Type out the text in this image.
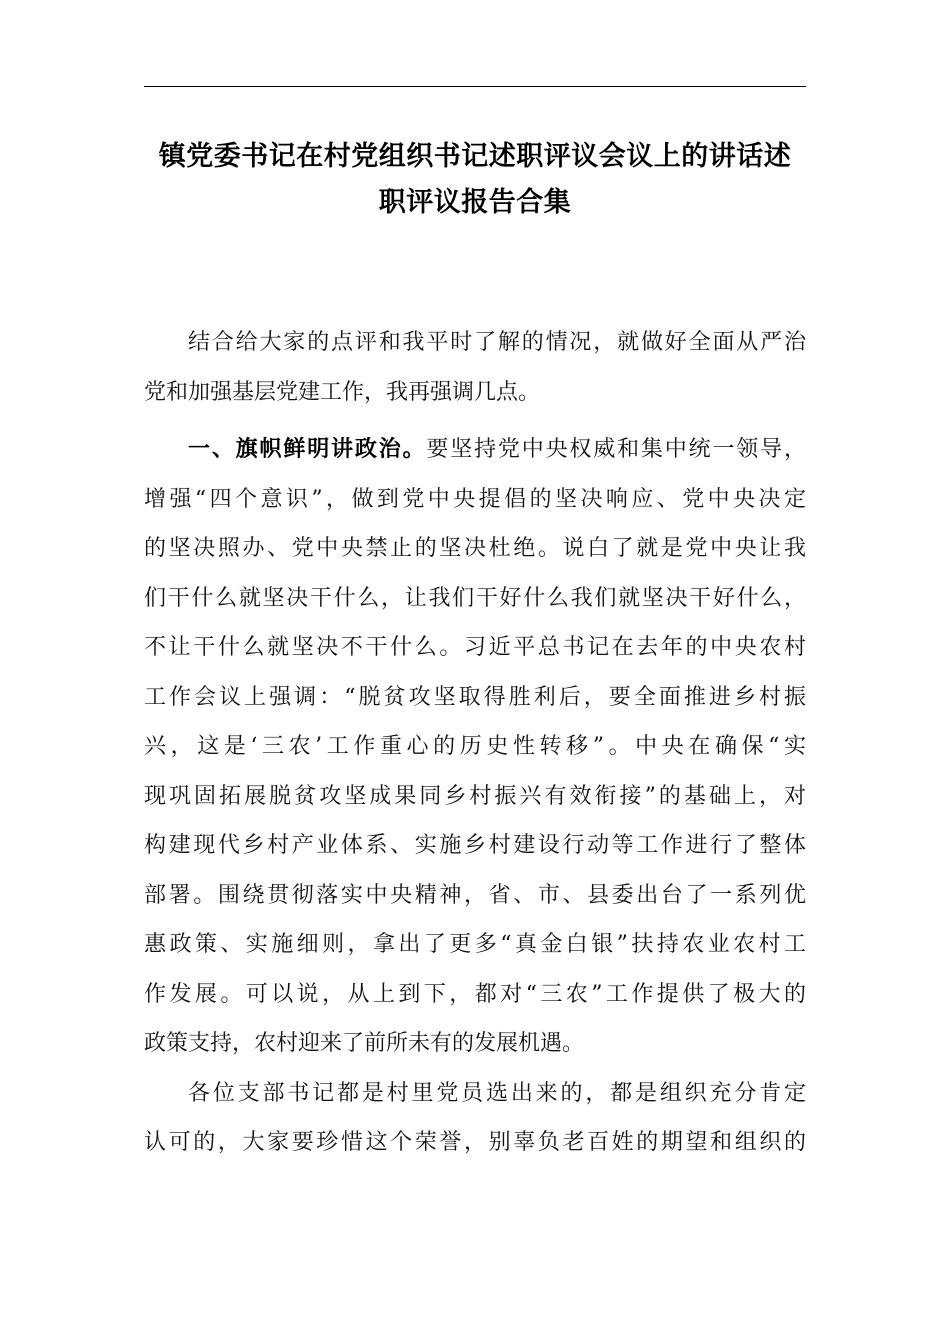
镇党委书记在村党组织书记述职评议会议上的讲话述
职评议报告合集

结合给大家的点评和我平时了解的情况，就做好全面从严治
党和加强基层党建工作，我再强调几点。

一、旗帜鲜明讲政治。要坚持党中央权威和集中统一领导，
增强“四个意识”，做到党中央提倡的坚决响应、党中央决定
的坚决照办、党中央禁止的坚决杜绝。说白了就是党中央让我
们干什么就坚决干什么，让我们干好什么我们就坚决干好什么，
不让干什么就坚决不干什么。习近平总书记在去年的中央农村
工作会议上强调：“脱贫攻坚取得胜利后，要全面推进乡村振
兴，这是‘三农’工作重心的历史性转移”。中央在确保“实
现巩固拓展脱贫攻坚成果同乡村振兴有效衔接”的基础上，对
构建现代乡村产业体系、实施乡村建设行动等工作进行了整体
部署。围绕贯彻落实中央精神，省、市、县委出台了一系列优
惠政策、实施细则，拿出了更多“真金白银”扶持农业农村工
作发展。可以说，从上到下，都对“三农”工作提供了极大的
政策支持，农村迎来了前所未有的发展机遇。

各位支部书记都是村里党员选出来的，都是组织充分肯定
认可的，大家要珍惜这个荣誉，别辜负老百姓的期望和组织的
